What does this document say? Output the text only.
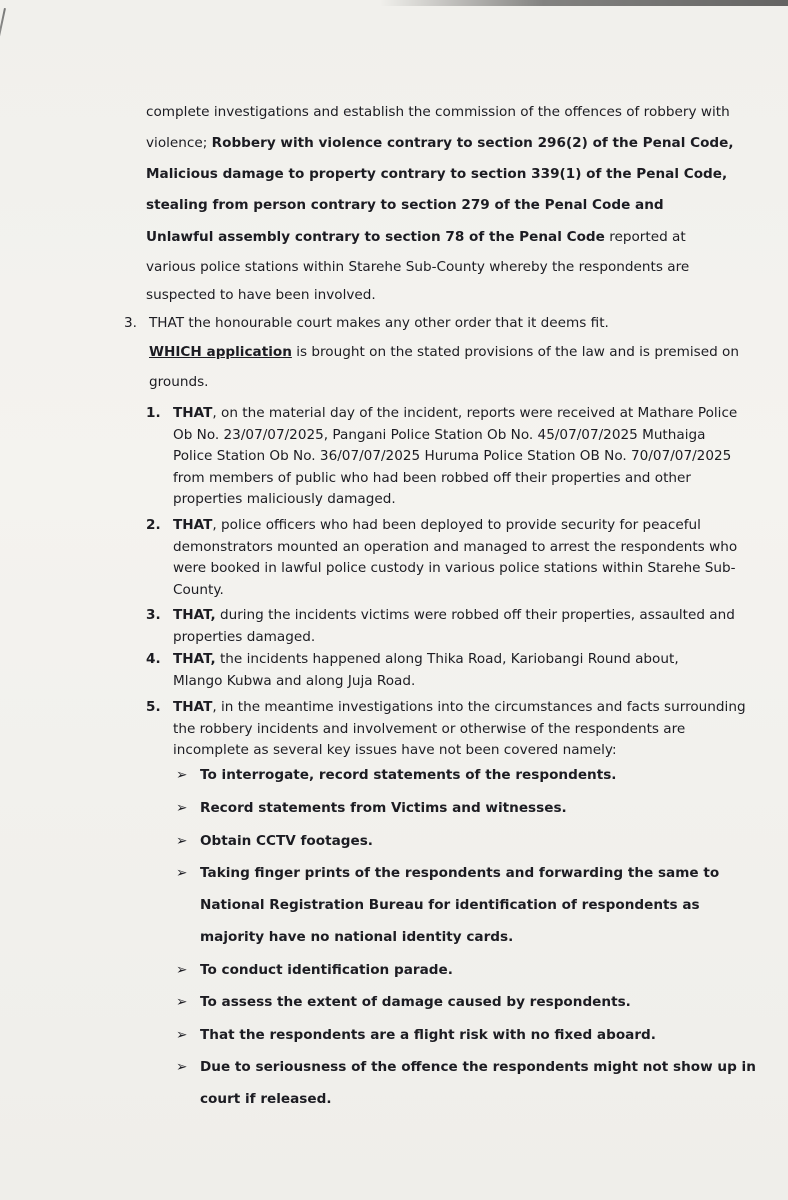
complete investigations and establish the commission of the offences of robbery with
violence; Robbery with violence contrary to section 296(2) of the Penal Code,
Malicious damage to property contrary to section 339(1) of the Penal Code,
stealing from person contrary to section 279 of the Penal Code and
Unlawful assembly contrary to section 78 of the Penal Code reported at
various police stations within Starehe Sub-County whereby the respondents are
suspected to have been involved.
3. THAT the honourable court makes any other order that it deems fit.
WHICH application is brought on the stated provisions of the law and is premised on
grounds.
1. THAT, on the material day of the incident, reports were received at Mathare Police
Ob No. 23/07/07/2025, Pangani Police Station Ob No. 45/07/07/2025 Muthaiga
Police Station Ob No. 36/07/07/2025 Huruma Police Station OB No. 70/07/07/2025
from members of public who had been robbed off their properties and other
properties maliciously damaged.
2. THAT, police officers who had been deployed to provide security for peaceful
demonstrators mounted an operation and managed to arrest the respondents who
were booked in lawful police custody in various police stations within Starehe Sub-
County.
3. THAT, during the incidents victims were robbed off their properties, assaulted and
properties damaged.
4. THAT, the incidents happened along Thika Road, Kariobangi Round about,
Mlango Kubwa and along Juja Road.
5. THAT, in the meantime investigations into the circumstances and facts surrounding
the robbery incidents and involvement or otherwise of the respondents are
incomplete as several key issues have not been covered namely:
➢ To interrogate, record statements of the respondents.
➢ Record statements from Victims and witnesses.
➢ Obtain CCTV footages.
➢ Taking finger prints of the respondents and forwarding the same to
National Registration Bureau for identification of respondents as
majority have no national identity cards.
➢ To conduct identification parade.
➢ To assess the extent of damage caused by respondents.
➢ That the respondents are a flight risk with no fixed aboard.
➢ Due to seriousness of the offence the respondents might not show up in
court if released.
